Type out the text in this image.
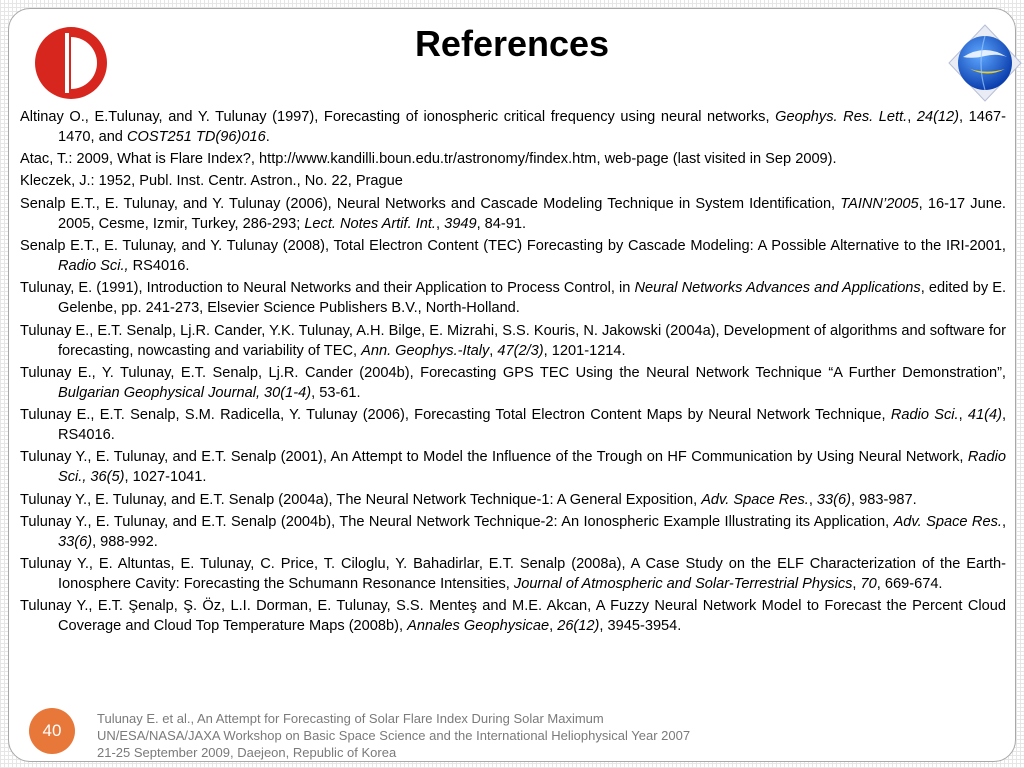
References
Altinay O., E.Tulunay, and Y. Tulunay (1997), Forecasting of ionospheric critical frequency using neural networks, Geophys. Res. Lett., 24(12), 1467-1470, and COST251 TD(96)016.
Atac, T.: 2009, What is Flare Index?, http://www.kandilli.boun.edu.tr/astronomy/findex.htm, web-page (last visited in Sep 2009).
Kleczek, J.: 1952, Publ. Inst. Centr. Astron., No. 22, Prague
Senalp E.T., E. Tulunay, and Y. Tulunay (2006), Neural Networks and Cascade Modeling Technique in System Identification, TAINN’2005, 16-17 June. 2005, Cesme, Izmir, Turkey, 286-293; Lect. Notes Artif. Int., 3949, 84-91.
Senalp E.T., E. Tulunay, and Y. Tulunay (2008), Total Electron Content (TEC) Forecasting by Cascade Modeling: A Possible Alternative to the IRI-2001, Radio Sci., RS4016.
Tulunay, E. (1991), Introduction to Neural Networks and their Application to Process Control, in Neural Networks Advances and Applications, edited by E. Gelenbe, pp. 241-273, Elsevier Science Publishers B.V., North-Holland.
Tulunay E., E.T. Senalp, Lj.R. Cander, Y.K. Tulunay, A.H. Bilge, E. Mizrahi, S.S. Kouris, N. Jakowski (2004a), Development of algorithms and software for forecasting, nowcasting and variability of TEC, Ann. Geophys.-Italy, 47(2/3), 1201-1214.
Tulunay E., Y. Tulunay, E.T. Senalp, Lj.R. Cander (2004b), Forecasting GPS TEC Using the Neural Network Technique “A Further Demonstration”, Bulgarian Geophysical Journal, 30(1-4), 53-61.
Tulunay E., E.T. Senalp, S.M. Radicella, Y. Tulunay (2006), Forecasting Total Electron Content Maps by Neural Network Technique, Radio Sci., 41(4), RS4016.
Tulunay Y., E. Tulunay, and E.T. Senalp (2001), An Attempt to Model the Influence of the Trough on HF Communication by Using Neural Network, Radio Sci., 36(5), 1027-1041.
Tulunay Y., E. Tulunay, and E.T. Senalp (2004a), The Neural Network Technique-1: A General Exposition, Adv. Space Res., 33(6), 983-987.
Tulunay Y., E. Tulunay, and E.T. Senalp (2004b), The Neural Network Technique-2: An Ionospheric Example Illustrating its Application, Adv. Space Res., 33(6), 988-992.
Tulunay Y., E. Altuntas, E. Tulunay, C. Price, T. Ciloglu, Y. Bahadirlar, E.T. Senalp (2008a), A Case Study on the ELF Characterization of the Earth-Ionosphere Cavity: Forecasting the Schumann Resonance Intensities, Journal of Atmospheric and Solar-Terrestrial Physics, 70, 669-674.
Tulunay Y., E.T. Şenalp, Ş. Öz, L.I. Dorman, E. Tulunay, S.S. Menteş and M.E. Akcan, A Fuzzy Neural Network Model to Forecast the Percent Cloud Coverage and Cloud Top Temperature Maps (2008b), Annales Geophysicae, 26(12), 3945-3954.
40
Tulunay E. et al., An Attempt for Forecasting of Solar Flare Index During Solar Maximum
UN/ESA/NASA/JAXA Workshop on Basic Space Science and the International Heliophysical Year 2007
21-25 September 2009, Daejeon, Republic of Korea
